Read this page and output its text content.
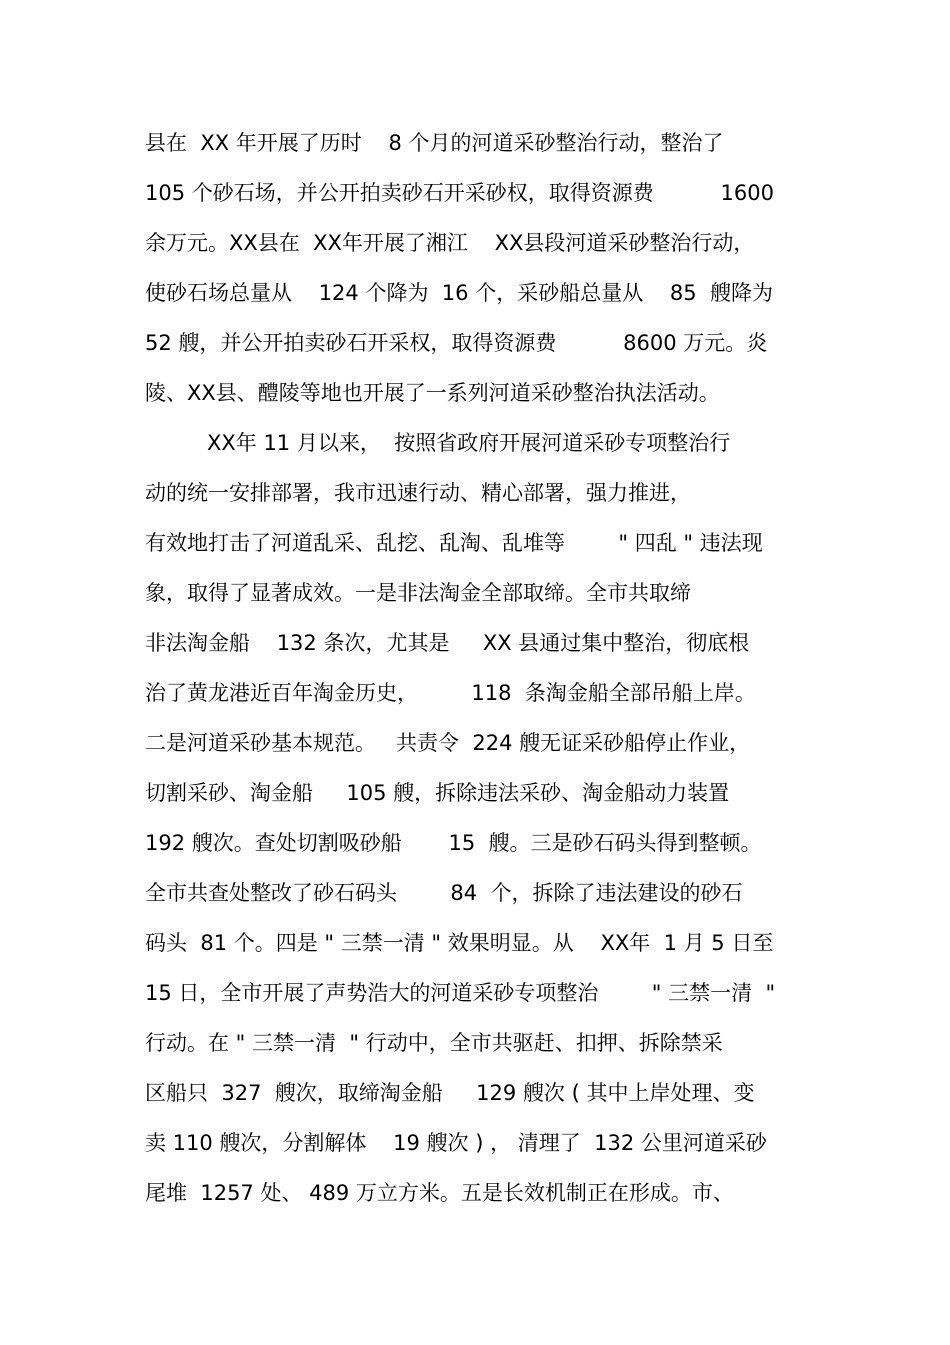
县在  XX 年开展了历时    8 个月的河道采砂整治行动，整治了
105 个砂石场，并公开拍卖砂石开采砂权，取得资源费          1600
余万元。XX县在  XX年开展了湘江    XX县段河道采砂整治行动，
使砂石场总量从    124 个降为  16 个，采砂船总量从    85  艘降为
52 艘，并公开拍卖砂石开采权，取得资源费          8600 万元。炎
陵、XX县、醴陵等地也开展了一系列河道采砂整治执法活动。
XX年 11 月以来，  按照省政府开展河道采砂专项整治行
动的统一安排部署，我市迅速行动、精心部署，强力推进，
有效地打击了河道乱采、乱挖、乱淘、乱堆等        " 四乱 " 违法现
象，取得了显著成效。一是非法淘金全部取缔。全市共取缔
非法淘金船    132 条次，尤其是     XX 县通过集中整治，彻底根
治了黄龙港近百年淘金历史，        118  条淘金船全部吊船上岸。
二是河道采砂基本规范。   共责令  224 艘无证采砂船停止作业，
切割采砂、淘金船     105 艘，拆除违法采砂、淘金船动力装置
192 艘次。查处切割吸砂船       15  艘。三是砂石码头得到整顿。
全市共查处整改了砂石码头        84  个，拆除了违法建设的砂石
码头  81 个。四是 " 三禁一清 " 效果明显。从    XX年  1 月 5 日至
15 日，全市开展了声势浩大的河道采砂专项整治        " 三禁一清  "
行动。在 " 三禁一清  " 行动中，全市共驱赶、扣押、拆除禁采
区船只  327  艘次，取缔淘金船     129 艘次 ( 其中上岸处理、变
卖 110 艘次，分割解体    19 艘次 ) ， 清理了  132 公里河道采砂
尾堆  1257 处、 489 万立方米。五是长效机制正在形成。市、
